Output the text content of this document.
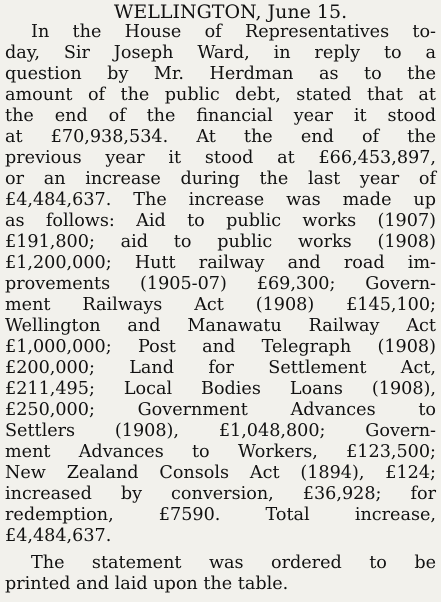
WELLINGTON, June 15.
In the House of Representatives to-
day, Sir Joseph Ward, in reply to a
question by Mr. Herdman as to the
amount of the public debt, stated that at
the end of the financial year it stood
at £70,938,534. At the end of the
previous year it stood at £66,453,897,
or an increase during the last year of
£4,484,637. The increase was made up
as follows: Aid to public works (1907)
£191,800; aid to public works (1908)
£1,200,000; Hutt railway and road im-
provements (1905-07) £69,300; Govern-
ment Railways Act (1908) £145,100;
Wellington and Manawatu Railway Act
£1,000,000; Post and Telegraph (1908)
£200,000; Land for Settlement Act,
£211,495; Local Bodies Loans (1908),
£250,000; Government Advances to
Settlers (1908), £1,048,800; Govern-
ment Advances to Workers, £123,500;
New Zealand Consols Act (1894), £124;
increased by conversion, £36,928; for
redemption, £7590. Total increase,
£4,484,637.
The statement was ordered to be
printed and laid upon the table.
